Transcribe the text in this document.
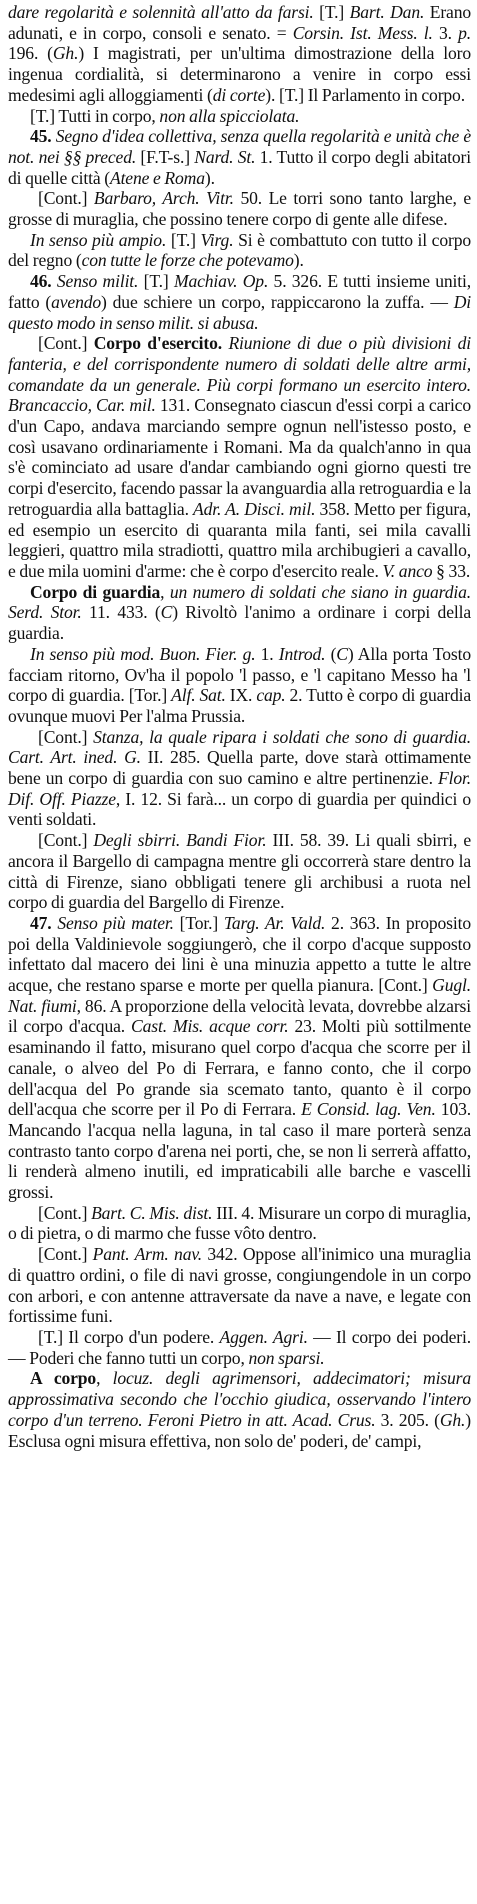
dare regolarità e solennità all'atto da farsi. [T.] Bart. Dan. Erano adunati, e in corpo, consoli e senato. = Corsin. Ist. Mess. l. 3. p. 196. (Gh.) I magistrati, per un'ultima dimostrazione della loro ingenua cordialità, si determinarono a venire in corpo essi medesimi agli alloggiamenti (di corte). [T.] Il Parlamento in corpo.

[T.] Tutti in corpo, non alla spicciolata.

45. Segno d'idea collettiva, senza quella regolarità e unità che è not. nei §§ preced. [F.T-s.] Nard. St. 1. Tutto il corpo degli abitatori di quelle città (Atene e Roma).

[Cont.] Barbaro, Arch. Vitr. 50. Le torri sono tanto larghe, e grosse di muraglia, che possino tenere corpo di gente alle difese.

In senso più ampio. [T.] Virg. Si è combattuto con tutto il corpo del regno (con tutte le forze che potevamo).

46. Senso milit. [T.] Machiav. Op. 5. 326. E tutti insieme uniti, fatto (avendo) due schiere un corpo, rappiccarono la zuffa. — Di questo modo in senso milit. si abusa.

[Cont.] Corpo d'esercito. Riunione di due o più divisioni di fanteria, e del corrispondente numero di soldati delle altre armi, comandate da un generale. Più corpi formano un esercito intero. Brancaccio, Car. mil. 131. Consegnato ciascun d'essi corpi a carico d'un Capo, andava marciando sempre ognun nell'istesso posto, e così usavano ordinariamente i Romani. Ma da qualch'anno in qua s'è cominciato ad usare d'andar cambiando ogni giorno questi tre corpi d'esercito, facendo passar la avanguardia alla retroguardia e la retroguardia alla battaglia. Adr. A. Disci. mil. 358. Metto per figura, ed esempio un esercito di quaranta mila fanti, sei mila cavalli leggieri, quattro mila stradiotti, quattro mila archibugieri a cavallo, e due mila uomini d'arme: che è corpo d'esercito reale. V. anco § 33.

Corpo di guardia, un numero di soldati che siano in guardia. Serd. Stor. 11. 433. (C) Rivoltò l'animo a ordinare i corpi della guardia.

In senso più mod. Buon. Fier. g. 1. Introd. (C) Alla porta Tosto facciam ritorno, Ov'ha il popolo 'l passo, e 'l capitano Messo ha 'l corpo di guardia. [Tor.] Alf. Sat. IX. cap. 2. Tutto è corpo di guardia ovunque muovi Per l'alma Prussia.

[Cont.] Stanza, la quale ripara i soldati che sono di guardia. Cart. Art. ined. G. II. 285. Quella parte, dove starà ottimamente bene un corpo di guardia con suo camino e altre pertinenzie. Flor. Dif. Off. Piazze, I. 12. Si farà... un corpo di guardia per quindici o venti soldati.

[Cont.] Degli sbirri. Bandi Fior. III. 58. 39. Li quali sbirri, e ancora il Bargello di campagna mentre gli occorrerà stare dentro la città di Firenze, siano obbligati tenere gli archibusi a ruota nel corpo di guardia del Bargello di Firenze.

47. Senso più mater. [Tor.] Targ. Ar. Vald. 2. 363. In proposito poi della Valdinievole soggiungerò, che il corpo d'acque supposto infettato dal macero dei lini è una minuzia appetto a tutte le altre acque, che restano sparse e morte per quella pianura. [Cont.] Gugl. Nat. fiumi, 86. A proporzione della velocità levata, dovrebbe alzarsi il corpo d'acqua. Cast. Mis. acque corr. 23. Molti più sottilmente esaminando il fatto, misurano quel corpo d'acqua che scorre per il canale, o alveo del Po di Ferrara, e fanno conto, che il corpo dell'acqua del Po grande sia scemato tanto, quanto è il corpo dell'acqua che scorre per il Po di Ferrara. E Consid. lag. Ven. 103. Mancando l'acqua nella laguna, in tal caso il mare porterà senza contrasto tanto corpo d'arena nei porti, che, se non li serrerà affatto, li renderà almeno inutili, ed impraticabili alle barche e vascelli grossi.

[Cont.] Bart. C. Mis. dist. III. 4. Misurare un corpo di muraglia, o di pietra, o di marmo che fusse vôto dentro.

[Cont.] Pant. Arm. nav. 342. Oppose all'inimico una muraglia di quattro ordini, o file di navi grosse, congiungendole in un corpo con arbori, e con antenne attraversate da nave a nave, e legate con fortissime funi.

[T.] Il corpo d'un podere. Aggen. Agri. — Il corpo dei poderi. — Poderi che fanno tutti un corpo, non sparsi.

A corpo, locuz. degli agrimensori, addecimatori; misura approssimativa secondo che l'occhio giudica, osservando l'intero corpo d'un terreno. Feroni Pietro in att. Acad. Crus. 3. 205. (Gh.) Esclusa ogni misura effettiva, non solo de' poderi, de' campi,
